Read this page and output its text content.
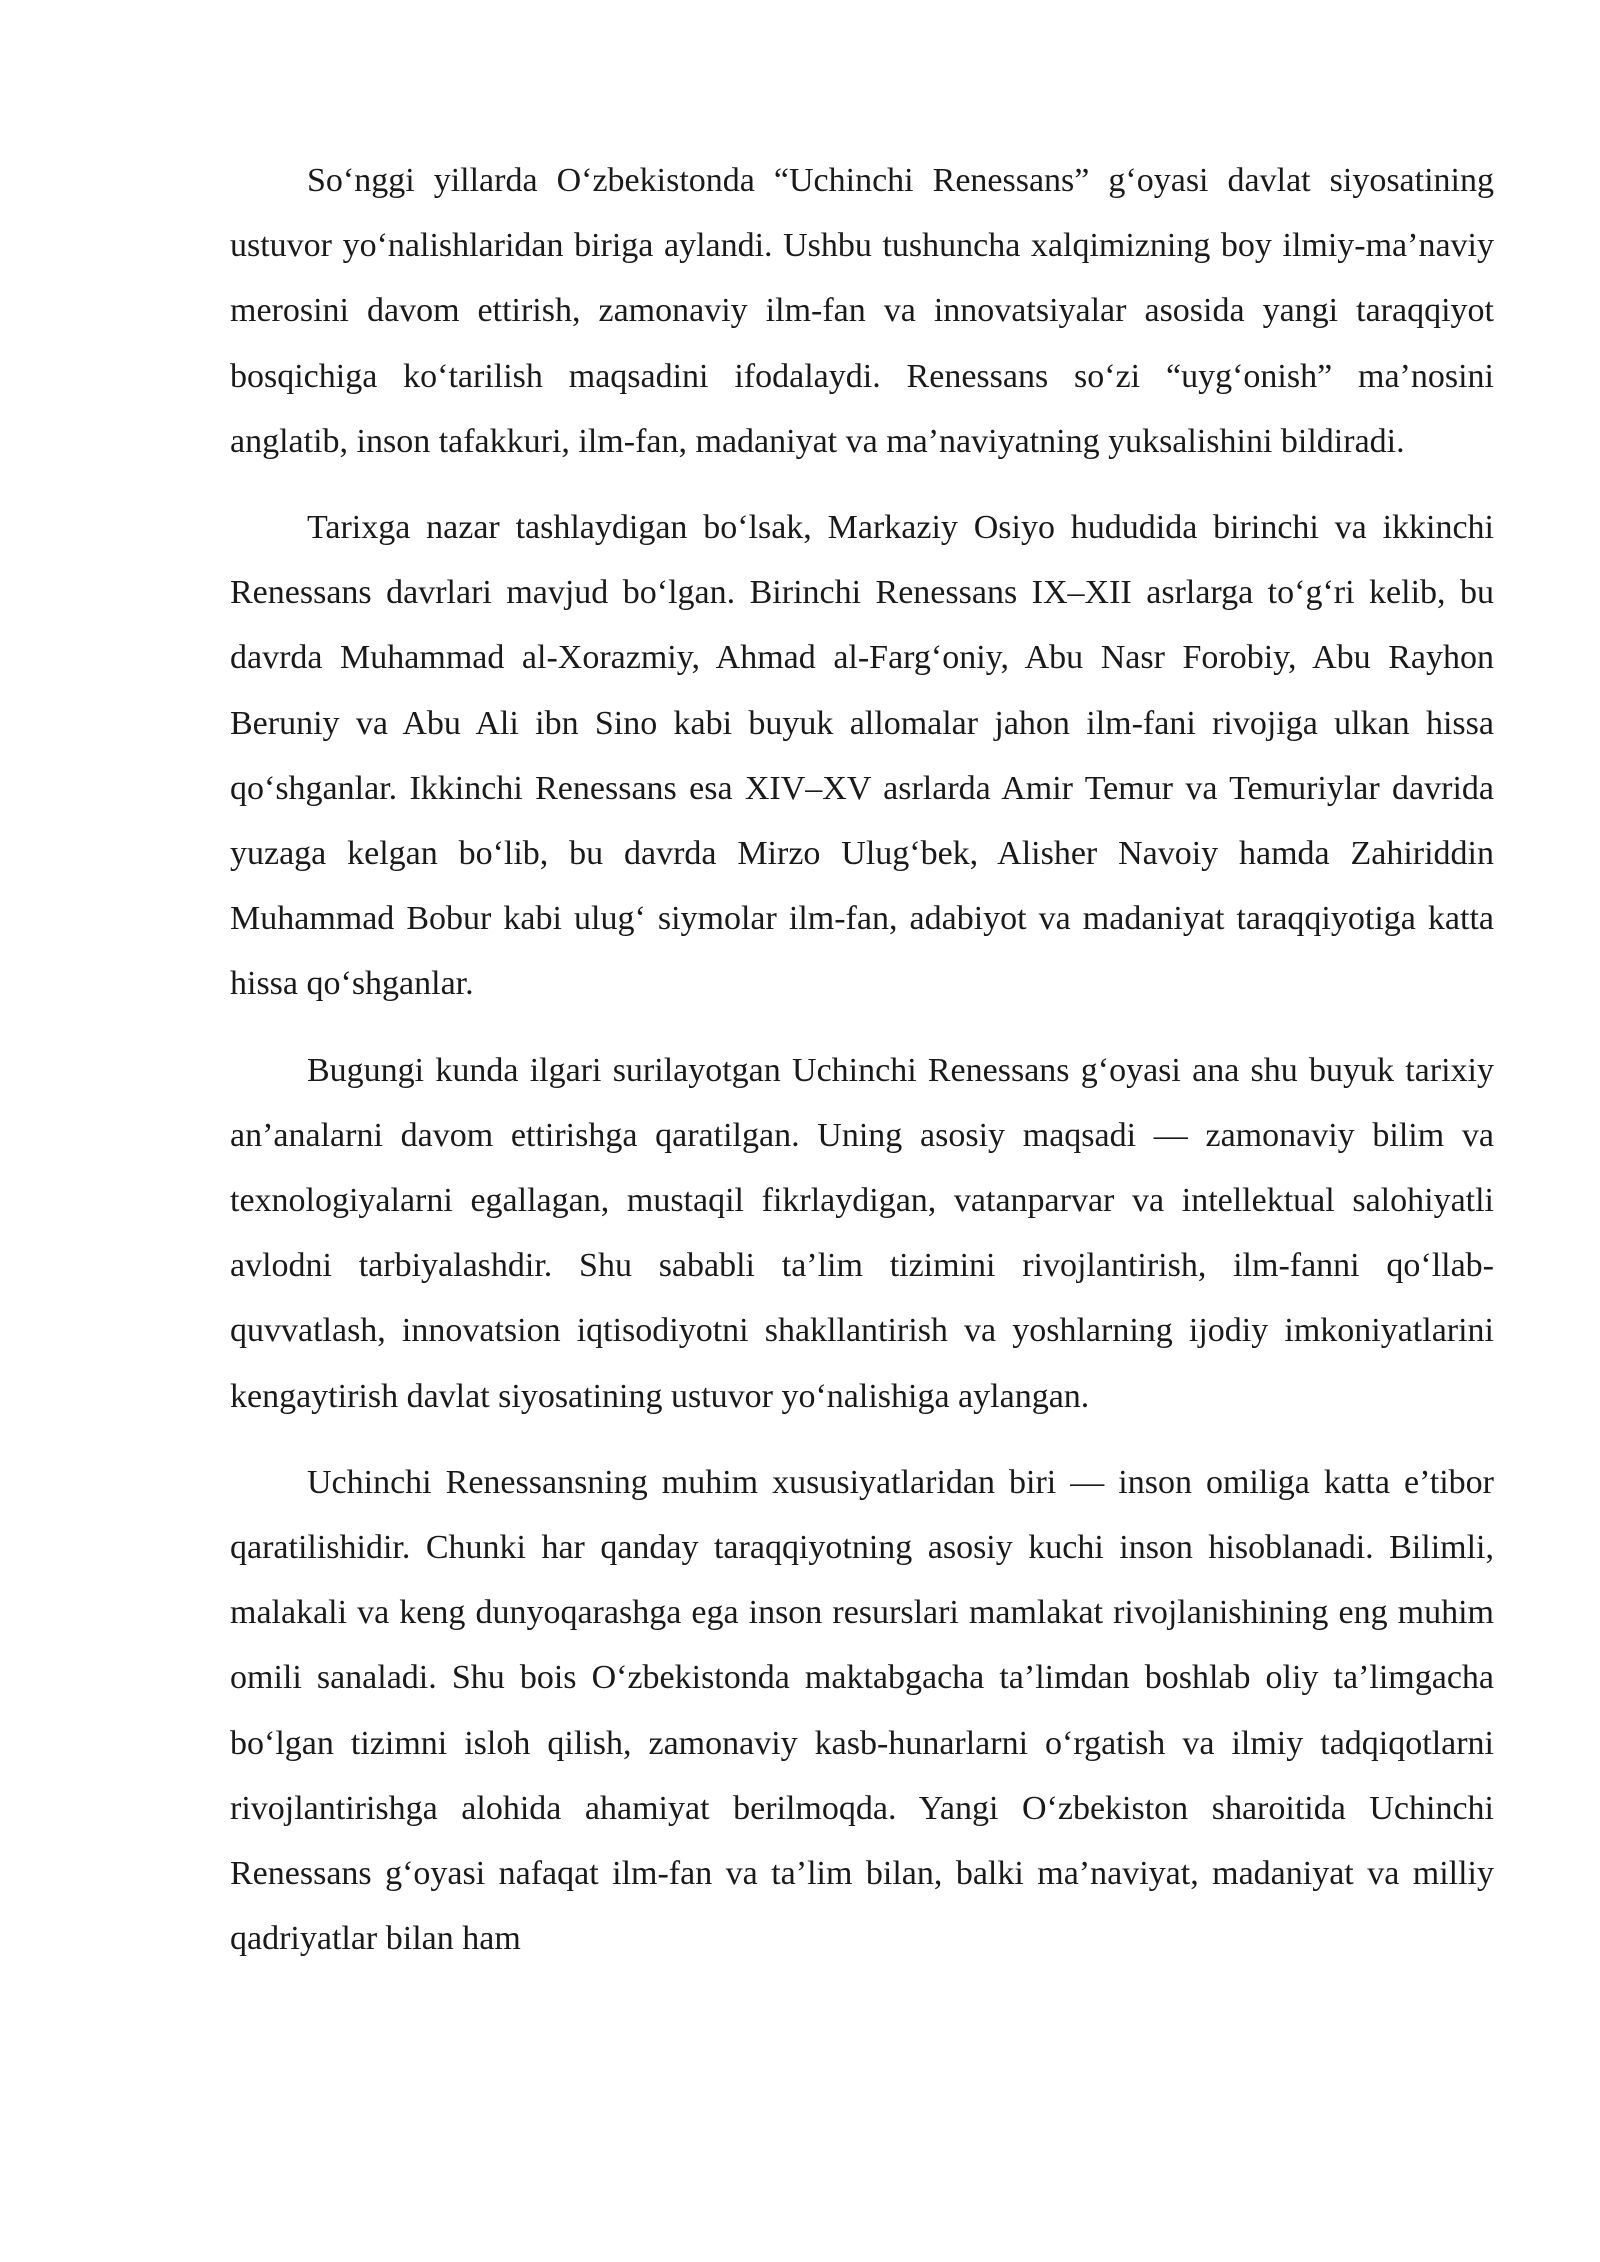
So‘nggi yillarda O‘zbekistonda “Uchinchi Renessans” g‘oyasi davlat siyosatining ustuvor yo‘nalishlaridan biriga aylandi. Ushbu tushuncha xalqimizning boy ilmiy-ma’naviy merosini davom ettirish, zamonaviy ilm-fan va innovatsiyalar asosida yangi taraqqiyot bosqichiga ko‘tarilish maqsadini ifodalaydi. Renessans so‘zi “uyg‘onish” ma’nosini anglatib, inson tafakkuri, ilm-fan, madaniyat va ma’naviyatning yuksalishini bildiradi.

Tarixga nazar tashlaydigan bo‘lsak, Markaziy Osiyo hududida birinchi va ikkinchi Renessans davrlari mavjud bo‘lgan. Birinchi Renessans IX–XII asrlarga to‘g‘ri kelib, bu davrda Muhammad al-Xorazmiy, Ahmad al-Farg‘oniy, Abu Nasr Forobiy, Abu Rayhon Beruniy va Abu Ali ibn Sino kabi buyuk allomalar jahon ilm-fani rivojiga ulkan hissa qo‘shganlar. Ikkinchi Renessans esa XIV–XV asrlarda Amir Temur va Temuriylar davrida yuzaga kelgan bo‘lib, bu davrda Mirzo Ulug‘bek, Alisher Navoiy hamda Zahiriddin Muhammad Bobur kabi ulug‘ siymolar ilm-fan, adabiyot va madaniyat taraqqiyotiga katta hissa qo‘shganlar.

Bugungi kunda ilgari surilayotgan Uchinchi Renessans g‘oyasi ana shu buyuk tarixiy an’analarni davom ettirishga qaratilgan. Uning asosiy maqsadi — zamonaviy bilim va texnologiyalarni egallagan, mustaqil fikrlaydigan, vatanparvar va intellektual salohiyatli avlodni tarbiyalashdir. Shu sababli ta’lim tizimini rivojlantirish, ilm-fanni qo‘llab-quvvatlash, innovatsion iqtisodiyotni shakllantirish va yoshlarning ijodiy imkoniyatlarini kengaytirish davlat siyosatining ustuvor yo‘nalishiga aylangan.

Uchinchi Renessansning muhim xususiyatlaridan biri — inson omiliga katta e’tibor qaratilishidir. Chunki har qanday taraqqiyotning asosiy kuchi inson hisoblanadi. Bilimli, malakali va keng dunyoqarashga ega inson resurslari mamlakat rivojlanishining eng muhim omili sanaladi. Shu bois O‘zbekistonda maktabgacha ta’limdan boshlab oliy ta’limgacha bo‘lgan tizimni isloh qilish, zamonaviy kasb-hunarlarni o‘rgatish va ilmiy tadqiqotlarni rivojlantirishga alohida ahamiyat berilmoqda. Yangi O‘zbekiston sharoitida Uchinchi Renessans g‘oyasi nafaqat ilm-fan va ta’lim bilan, balki ma’naviyat, madaniyat va milliy qadriyatlar bilan ham
